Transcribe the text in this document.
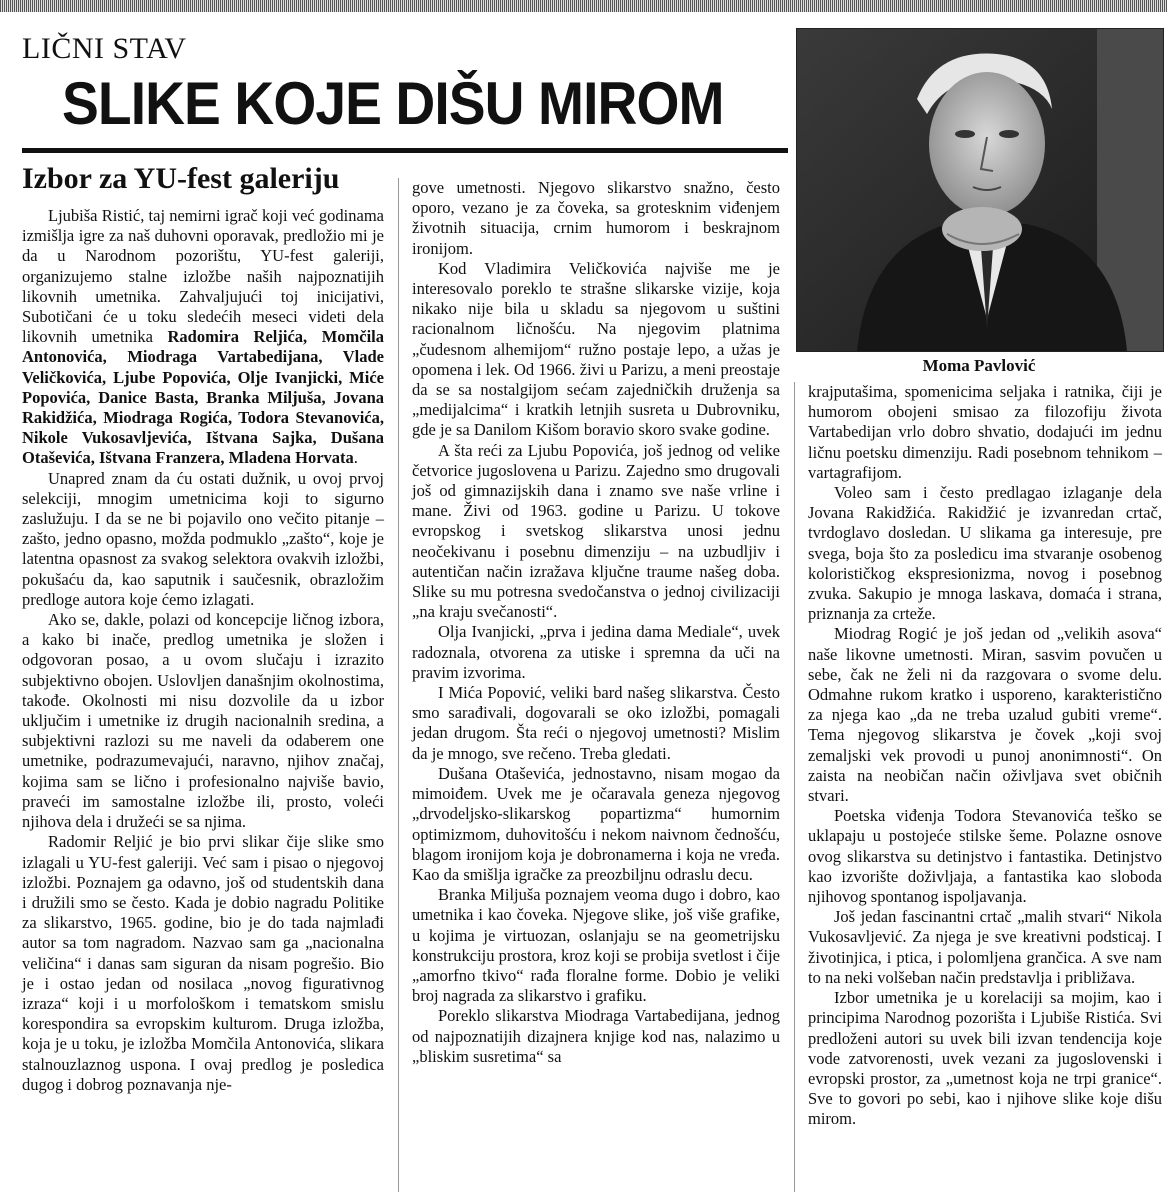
LIČNI STAV
SLIKE KOJE DIŠU MIROM
Izbor za YU-fest galeriju
Moma Pavlović

Ljubiša Ristić, taj nemirni igrač koji već godinama izmišlja igre za naš duhovni oporavak, predložio mi je da u Narodnom pozorištu, YU-fest galeriji, organizujemo stalne izložbe naših najpoznatijih likovnih umetnika. Zahvaljujući toj inicijativi, Subotičani će u toku sledećih meseci videti dela likovnih umetnika Radomira Reljića, Momčila Antonovića, Miodraga Vartabedijana, Vlade Veličkovića, Ljube Popovića, Olje Ivanjicki, Miće Popovića, Danice Basta, Branka Miljuša, Jovana Rakidžića, Miodraga Rogića, Todora Stevanovića, Nikole Vukosavljevića, Ištvana Sajka, Dušana Otaševića, Ištvana Franzera, Mladena Horvata.

Unapred znam da ću ostati dužnik, u ovoj prvoj selekciji, mnogim umetnicima koji to sigurno zaslužuju. I da se ne bi pojavilo ono večito pitanje – zašto, jedno opasno, možda podmuklo „zašto“, koje je latentna opasnost za svakog selektora ovakvih izložbi, pokušaću da, kao saputnik i saučesnik, obrazložim predloge autora koje ćemo izlagati.

Ako se, dakle, polazi od koncepcije ličnog izbora, a kako bi inače, predlog umetnika je složen i odgovoran posao, a u ovom slučaju i izrazito subjektivno obojen. Uslovljen današnjim okolnostima, takođe. Okolnosti mi nisu dozvolile da u izbor uključim i umetnike iz drugih nacionalnih sredina, a subjektivni razlozi su me naveli da odaberem one umetnike, podrazumevajući, naravno, njihov značaj, kojima sam se lično i profesionalno najviše bavio, praveći im samostalne izložbe ili, prosto, voleći njihova dela i družeći se sa njima.

Radomir Reljić je bio prvi slikar čije slike smo izlagali u YU-fest galeriji. Već sam i pisao o njegovoj izložbi. Poznajem ga odavno, još od studentskih dana i družili smo se često. Kada je dobio nagradu Politike za slikarstvo, 1965. godine, bio je do tada najmlađi autor sa tom nagradom. Nazvao sam ga „nacionalna veličina“ i danas sam siguran da nisam pogrešio. Bio je i ostao jedan od nosilaca „novog figurativnog izraza“ koji i u morfološkom i tematskom smislu korespondira sa evropskim kulturom. Druga izložba, koja je u toku, je izložba Momčila Antonovića, slikara stalnouzlaznog uspona. I ovaj predlog je posledica dugog i dobrog poznavanja nje-

gove umetnosti. Njegovo slikarstvo snažno, često oporo, vezano je za čoveka, sa grotesknim viđenjem životnih situacija, crnim humorom i beskrajnom ironijom.

Kod Vladimira Veličkovića najviše me je interesovalo poreklo te strašne slikarske vizije, koja nikako nije bila u skladu sa njegovom u suštini racionalnom ličnošću. Na njegovim platnima „čudesnom alhemijom“ ružno postaje lepo, a užas je opomena i lek. Od 1966. živi u Parizu, a meni preostaje da se sa nostalgijom sećam zajedničkih druženja sa „medijalcima“ i kratkih letnjih susreta u Dubrovniku, gde je sa Danilom Kišom boravio skoro svake godine.

A šta reći za Ljubu Popovića, još jednog od velike četvorice jugoslovena u Parizu. Zajedno smo drugovali još od gimnazijskih dana i znamo sve naše vrline i mane. Živi od 1963. godine u Parizu. U tokove evropskog i svetskog slikarstva unosi jednu neočekivanu i posebnu dimenziju – na uzbudljiv i autentičan način izražava ključne traume našeg doba. Slike su mu potresna svedočanstva o jednoj civilizaciji „na kraju svečanosti“.

Olja Ivanjicki, „prva i jedina dama Mediale“, uvek radoznala, otvorena za utiske i spremna da uči na pravim izvorima.

I Mića Popović, veliki bard našeg slikarstva. Često smo sarađivali, dogovarali se oko izložbi, pomagali jedan drugom. Šta reći o njegovoj umetnosti? Mislim da je mnogo, sve rečeno. Treba gledati.

Dušana Otaševića, jednostavno, nisam mogao da mimoiđem. Uvek me je očaravala geneza njegovog „drvodeljsko-slikarskog popartizma“ humornim optimizmom, duhovitošću i nekom naivnom čednošću, blagom ironijom koja je dobronamerna i koja ne vređa. Kao da smišlja igračke za preozbiljnu odraslu decu.

Branka Miljuša poznajem veoma dugo i dobro, kao umetnika i kao čoveka. Njegove slike, još više grafike, u kojima je virtuozan, oslanjaju se na geometrijsku konstrukciju prostora, kroz koji se probija svetlost i čije „amorfno tkivo“ rađa floralne forme. Dobio je veliki broj nagrada za slikarstvo i grafiku.

Poreklo slikarstva Miodraga Vartabedijana, jednog od najpoznatijih dizajnera knjige kod nas, nalazimo u „bliskim susretima“ sa

krajputašima, spomenicima seljaka i ratnika, čiji je humorom obojeni smisao za filozofiju života Vartabedijan vrlo dobro shvatio, dodajući im jednu ličnu poetsku dimenziju. Radi posebnom tehnikom – vartagrafijom.

Voleo sam i često predlagao izlaganje dela Jovana Rakidžića. Rakidžić je izvanredan crtač, tvrdoglavo dosledan. U slikama ga interesuje, pre svega, boja što za posledicu ima stvaranje osobenog kolorističkog ekspresionizma, novog i posebnog zvuka. Sakupio je mnoga laskava, domaća i strana, priznanja za crteže.

Miodrag Rogić je još jedan od „velikih asova“ naše likovne umetnosti. Miran, sasvim povučen u sebe, čak ne želi ni da razgovara o svome delu. Odmahne rukom kratko i usporeno, karakteristično za njega kao „da ne treba uzalud gubiti vreme“. Tema njegovog slikarstva je čovek „koji svoj zemaljski vek provodi u punoj anonimnosti“. On zaista na neobičan način oživljava svet običnih stvari.

Poetska viđenja Todora Stevanovića teško se uklapaju u postojeće stilske šeme. Polazne osnove ovog slikarstva su detinjstvo i fantastika. Detinjstvo kao izvorište doživljaja, a fantastika kao sloboda njihovog spontanog ispoljavanja.

Još jedan fascinantni crtač „malih stvari“ Nikola Vukosavljević. Za njega je sve kreativni podsticaj. I životinjica, i ptica, i polomljena grančica. A sve nam to na neki volšeban način predstavlja i približava.

Izbor umetnika je u korelaciji sa mojim, kao i principima Narodnog pozorišta i Ljubiše Ristića. Svi predloženi autori su uvek bili izvan tendencija koje vode zatvorenosti, uvek vezani za jugoslovenski i evropski prostor, za „umetnost koja ne trpi granice“. Sve to govori po sebi, kao i njihove slike koje dišu mirom.
